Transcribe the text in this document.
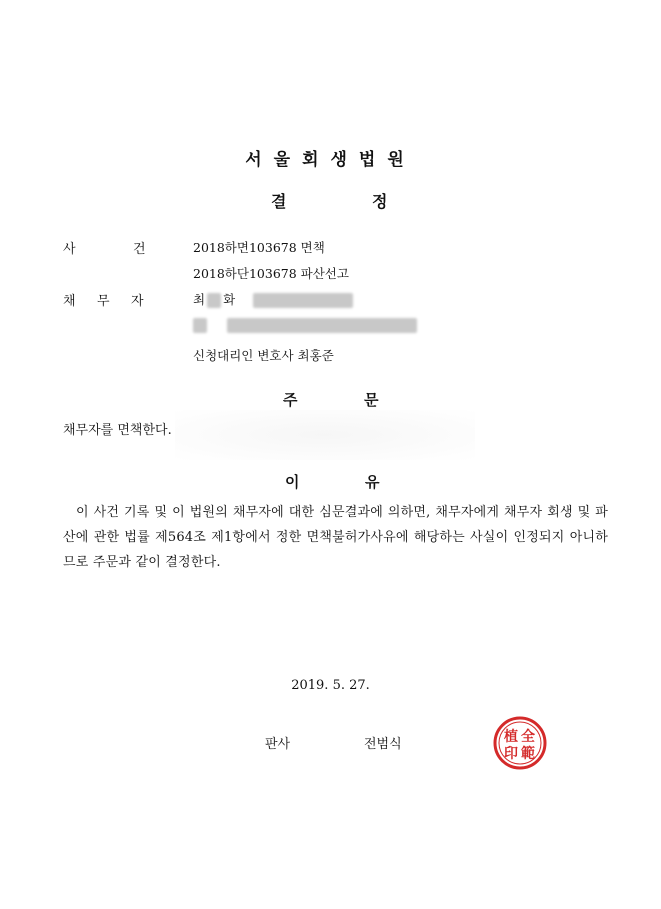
서울회생법원
결	정
사	건	2018하면103678 면책
2018하단103678 파산선고
채 무 자	최 화

신청대리인 변호사 최홍준
주	문
채무자를 면책한다.
이	유
이 사건 기록 및 이 법원의 채무자에 대한 심문결과에 의하면, 채무자에게 채무자 회생 및 파산에 관한 법률 제564조 제1항에서 정한 면책불허가사유에 해당하는 사실이 인정되지 아니하므로 주문과 같이 결정한다.
2019. 5. 27.
판사	전범식	全
範
植
印
